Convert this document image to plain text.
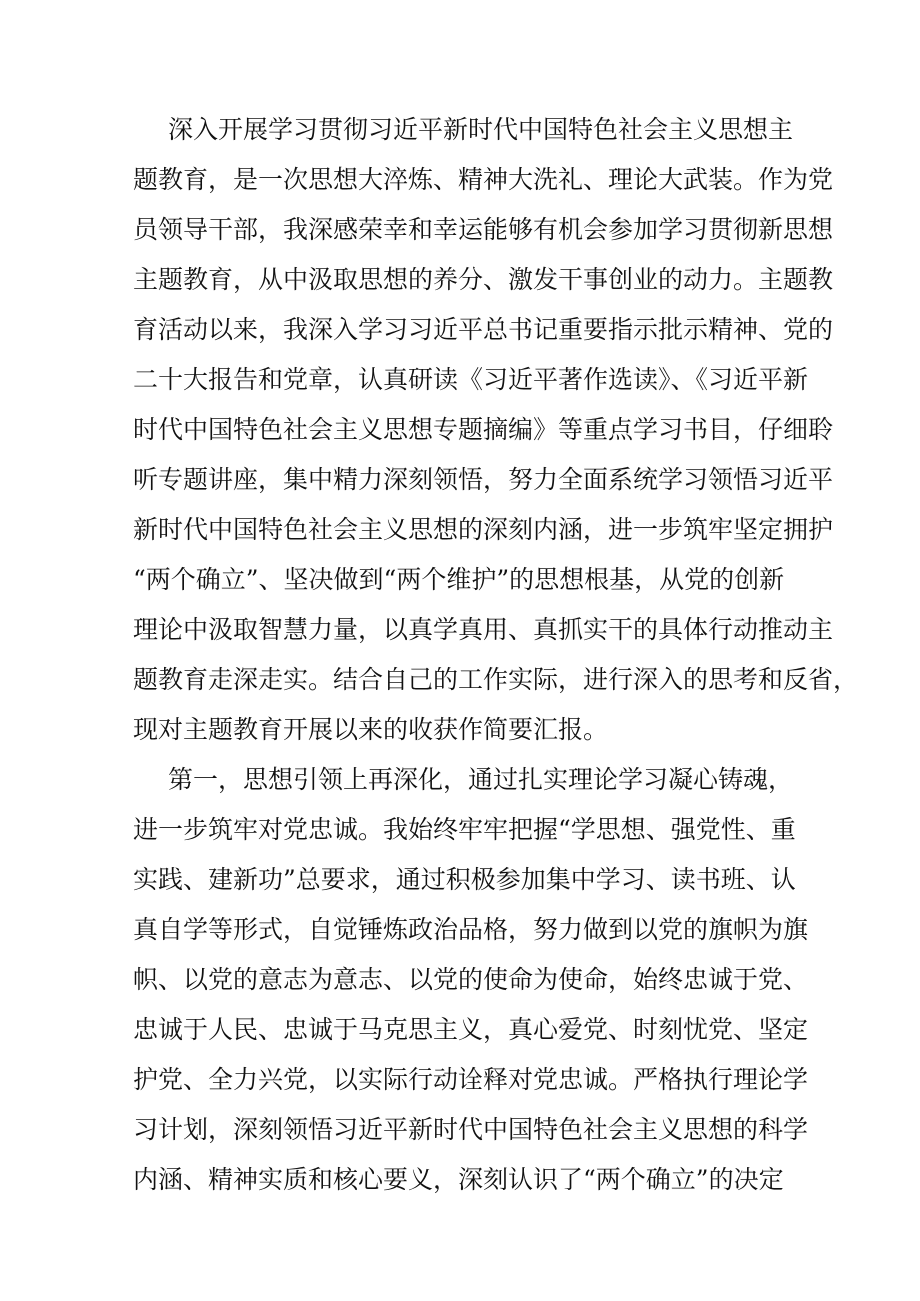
深入开展学习贯彻习近平新时代中国特色社会主义思想主
题教育，是一次思想大淬炼、精神大洗礼、理论大武装。作为党
员领导干部，我深感荣幸和幸运能够有机会参加学习贯彻新思想
主题教育，从中汲取思想的养分、激发干事创业的动力。主题教
育活动以来，我深入学习习近平总书记重要指示批示精神、党的
二十大报告和党章，认真研读《习近平著作选读》、《习近平新
时代中国特色社会主义思想专题摘编》等重点学习书目，仔细聆
听专题讲座，集中精力深刻领悟，努力全面系统学习领悟习近平
新时代中国特色社会主义思想的深刻内涵，进一步筑牢坚定拥护
“两个确立”、坚决做到“两个维护”的思想根基，从党的创新
理论中汲取智慧力量，以真学真用、真抓实干的具体行动推动主
题教育走深走实。结合自己的工作实际，进行深入的思考和反省，
现对主题教育开展以来的收获作简要汇报。
第一，思想引领上再深化，通过扎实理论学习凝心铸魂，
进一步筑牢对党忠诚。我始终牢牢把握“学思想、强党性、重
实践、建新功”总要求，通过积极参加集中学习、读书班、认
真自学等形式，自觉锤炼政治品格，努力做到以党的旗帜为旗
帜、以党的意志为意志、以党的使命为使命，始终忠诚于党、
忠诚于人民、忠诚于马克思主义，真心爱党、时刻忧党、坚定
护党、全力兴党，以实际行动诠释对党忠诚。严格执行理论学
习计划，深刻领悟习近平新时代中国特色社会主义思想的科学
内涵、精神实质和核心要义，深刻认识了“两个确立”的决定
